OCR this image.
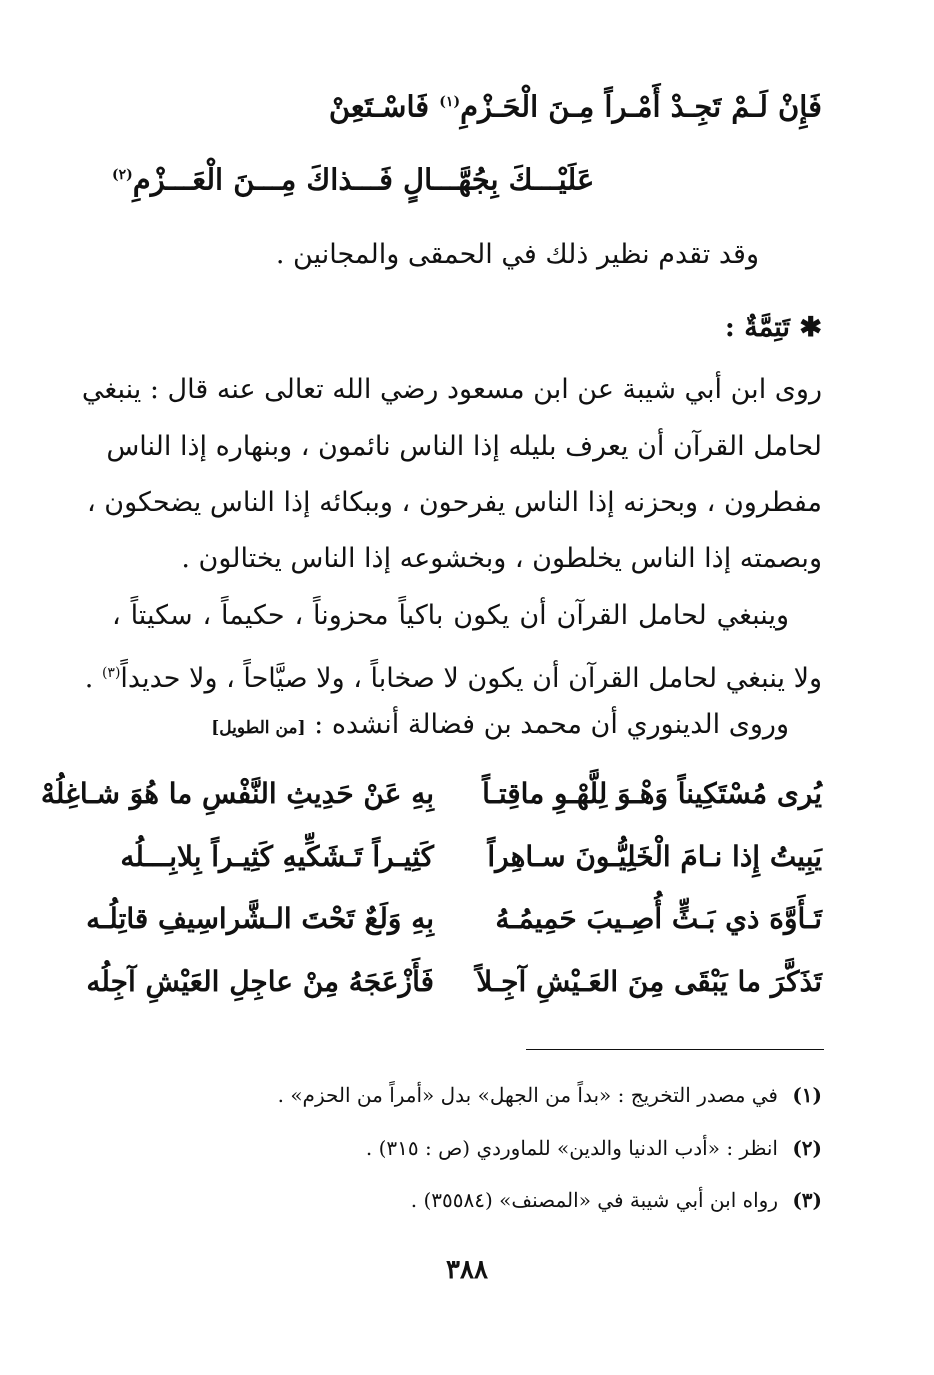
فَإِنْ لَـمْ تَجِـدْ أَمْـراً مِـنَ الْحَـزْمِ$^{(١)}$ فَاسْـتَعِنْ
عَلَيْـــكَ بِجُهَّـــالٍ فَـــذاكَ مِـــنَ الْعَـــزْمِ$^{(٢)}$
وقد تقدم نظير ذلك في الحمقى والمجانين .
✱ تَتِمَّةٌ :
روى ابن أبي شيبة عن ابن مسعود رضي الله تعالى عنه قال : ينبغي
لحامل القرآن أن يعرف بليله إذا الناس نائمون ، وبنهاره إذا الناس
مفطرون ، وبحزنه إذا الناس يفرحون ، وببكائه إذا الناس يضحكون ،
وبصمته إذا الناس يخلطون ، وبخشوعه إذا الناس يختالون .
وينبغي لحامل القرآن أن يكون باكياً محزوناً ، حكيماً ، سكيتاً ،
ولا ينبغي لحامل القرآن أن يكون لا صخاباً ، ولا صيَّاحاً ، ولا حديداً$^{(٣)}$ .
وروى الدينوري أن محمد بن فضالة أنشده : [من الطويل]
يُرى مُسْتَكِيناً وَهْـوَ لِلَّهْـوِ ماقِتـاً
بِهِ عَنْ حَدِيثِ النَّفْسِ ما هُوَ شـاغِلُهْ
يَبِيتُ إِذا نـامَ الْخَلِيُّـونَ سـاهِراً
كَثِيـراً تَـشَكِّيهِ كَثِيـراً بِلابِـــلُه
تَـأَوَّهَ ذي بَـثٍّ أُصِـيبَ حَمِيمُـهُ
بِهِ وَلَعٌ تَحْتَ الـشَّراسِيفِ قاتِلُـه
تَذَكَّرَ ما يَبْقَى مِنَ العَـيْشِ آجِـلاً
فَأَزْعَجَهُ مِنْ عاجِلِ العَيْشِ آجِلُه
(١)في مصدر التخريج : «بداً من الجهل» بدل «أمراً من الحزم» .
(٢)انظر : «أدب الدنيا والدين» للماوردي (ص : ٣١٥) .
(٣)رواه ابن أبي شيبة في «المصنف» (٣٥٥٨٤) .
٣٨٨
